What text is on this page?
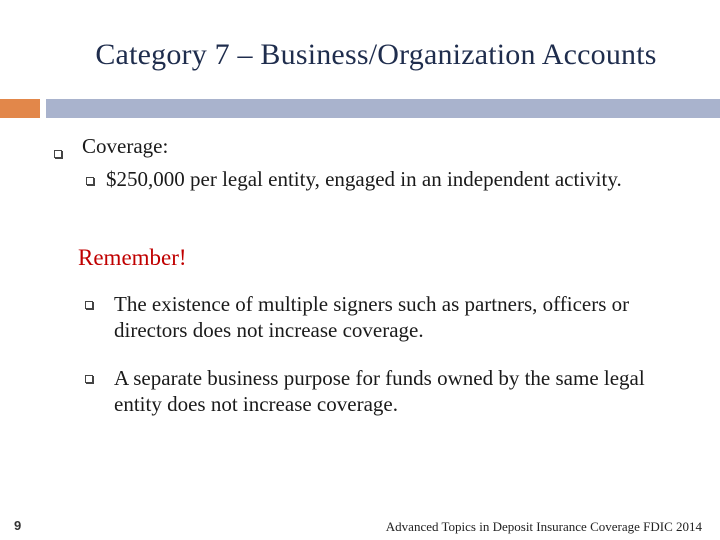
Category 7 – Business/Organization Accounts
Coverage:
$250,000 per legal entity, engaged in an independent activity.
Remember!
The existence of multiple signers such as partners, officers or directors does not increase coverage.
A separate business purpose for funds owned by the same legal entity does not increase coverage.
9	Advanced Topics in Deposit Insurance Coverage FDIC 2014
